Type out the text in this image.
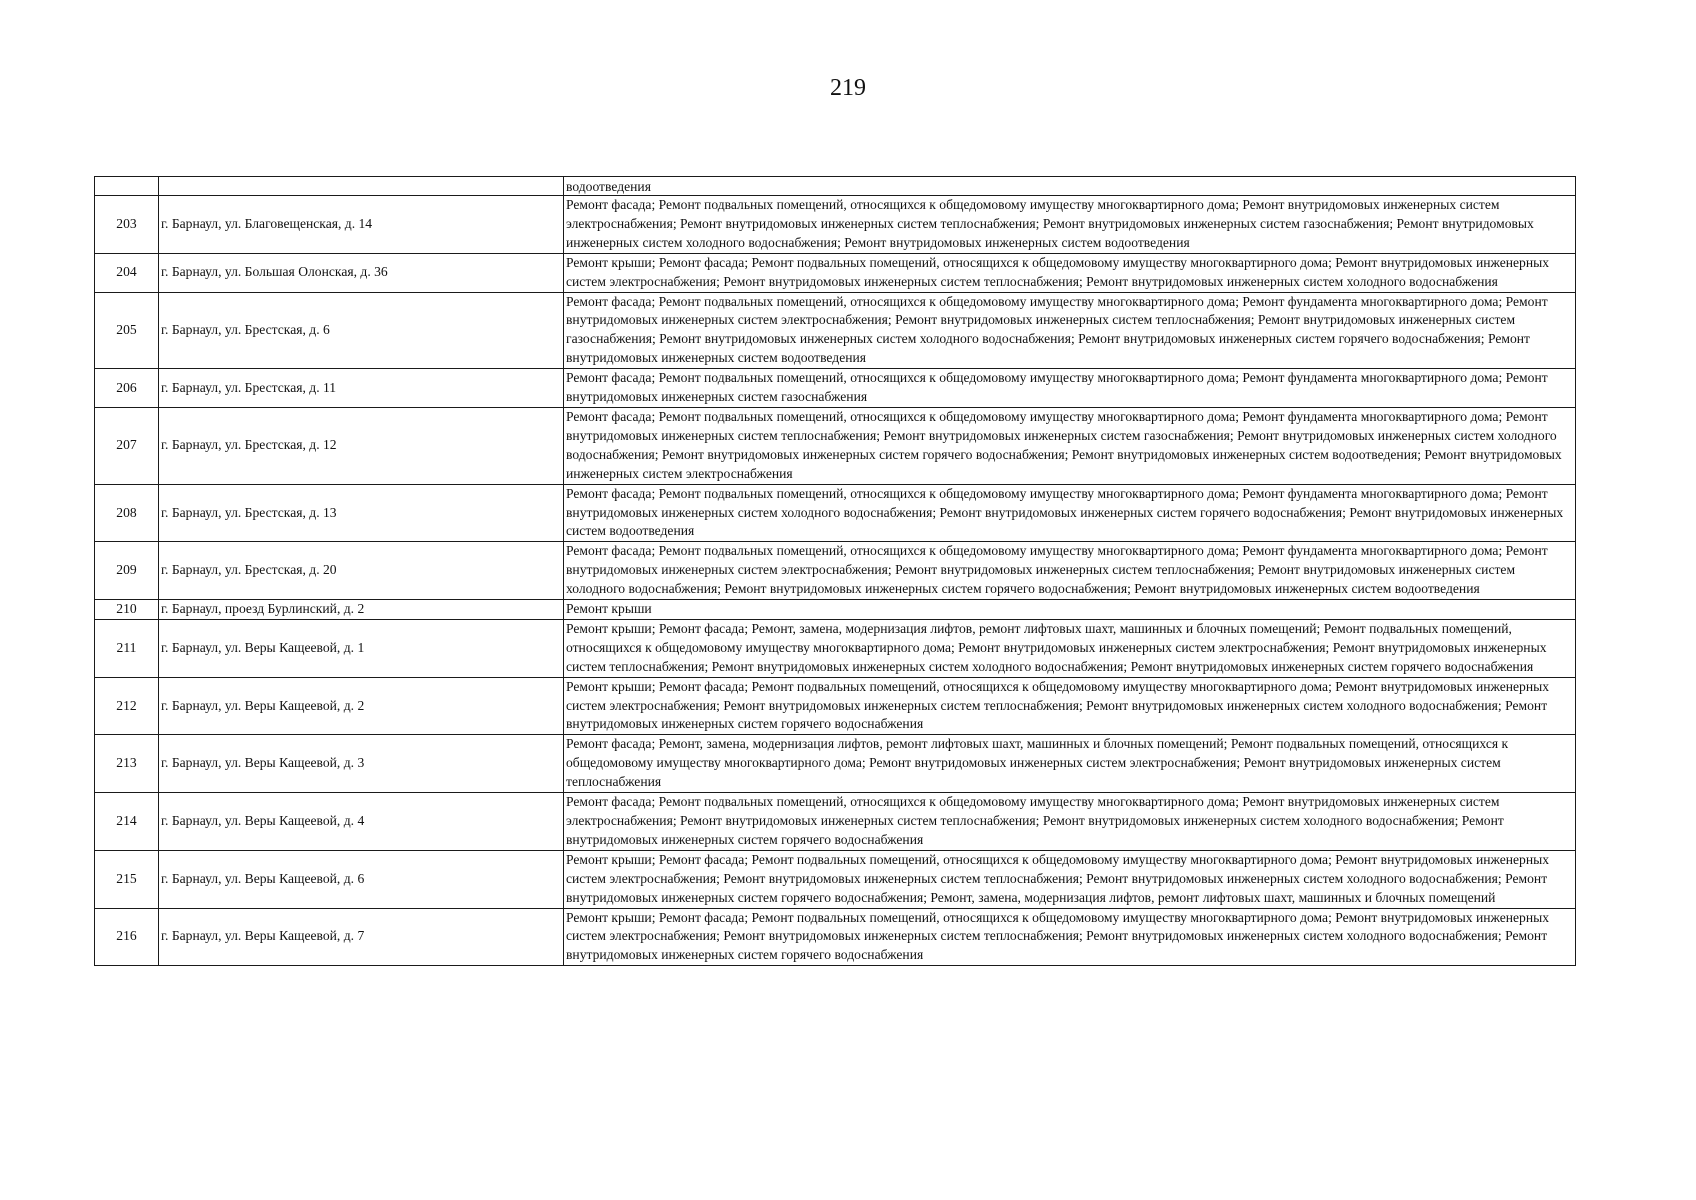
219
		водоотведения
203	г. Барнаул, ул. Благовещенская, д. 14	Ремонт фасада; Ремонт подвальных помещений, относящихся к общедомовому имуществу многоквартирного дома; Ремонт внутридомовых инженерных систем электроснабжения; Ремонт внутридомовых инженерных систем теплоснабжения; Ремонт внутридомовых инженерных систем газоснабжения; Ремонт внутридомовых инженерных систем холодного водоснабжения; Ремонт внутридомовых инженерных систем водоотведения
204	г. Барнаул, ул. Большая Олонская, д. 36	Ремонт крыши; Ремонт фасада; Ремонт подвальных помещений, относящихся к общедомовому имуществу многоквартирного дома; Ремонт внутридомовых инженерных систем электроснабжения; Ремонт внутридомовых инженерных систем теплоснабжения; Ремонт внутридомовых инженерных систем холодного водоснабжения
205	г. Барнаул, ул. Брестская, д. 6	Ремонт фасада; Ремонт подвальных помещений, относящихся к общедомовому имуществу многоквартирного дома; Ремонт фундамента многоквартирного дома; Ремонт внутридомовых инженерных систем электроснабжения; Ремонт внутридомовых инженерных систем теплоснабжения; Ремонт внутридомовых инженерных систем газоснабжения; Ремонт внутридомовых инженерных систем холодного водоснабжения; Ремонт внутридомовых инженерных систем горячего водоснабжения; Ремонт внутридомовых инженерных систем водоотведения
206	г. Барнаул, ул. Брестская, д. 11	Ремонт фасада; Ремонт подвальных помещений, относящихся к общедомовому имуществу многоквартирного дома; Ремонт фундамента многоквартирного дома; Ремонт внутридомовых инженерных систем газоснабжения
207	г. Барнаул, ул. Брестская, д. 12	Ремонт фасада; Ремонт подвальных помещений, относящихся к общедомовому имуществу многоквартирного дома; Ремонт фундамента многоквартирного дома; Ремонт внутридомовых инженерных систем теплоснабжения; Ремонт внутридомовых инженерных систем газоснабжения; Ремонт внутридомовых инженерных систем холодного водоснабжения; Ремонт внутридомовых инженерных систем горячего водоснабжения; Ремонт внутридомовых инженерных систем водоотведения; Ремонт внутридомовых инженерных систем электроснабжения
208	г. Барнаул, ул. Брестская, д. 13	Ремонт фасада; Ремонт подвальных помещений, относящихся к общедомовому имуществу многоквартирного дома; Ремонт фундамента многоквартирного дома; Ремонт внутридомовых инженерных систем холодного водоснабжения; Ремонт внутридомовых инженерных систем горячего водоснабжения; Ремонт внутридомовых инженерных систем водоотведения
209	г. Барнаул, ул. Брестская, д. 20	Ремонт фасада; Ремонт подвальных помещений, относящихся к общедомовому имуществу многоквартирного дома; Ремонт фундамента многоквартирного дома; Ремонт внутридомовых инженерных систем электроснабжения; Ремонт внутридомовых инженерных систем теплоснабжения; Ремонт внутридомовых инженерных систем холодного водоснабжения; Ремонт внутридомовых инженерных систем горячего водоснабжения; Ремонт внутридомовых инженерных систем водоотведения
210	г. Барнаул, проезд Бурлинский, д. 2	Ремонт крыши
211	г. Барнаул, ул. Веры Кащеевой, д. 1	Ремонт крыши; Ремонт фасада; Ремонт, замена, модернизация лифтов, ремонт лифтовых шахт, машинных и блочных помещений; Ремонт подвальных помещений, относящихся к общедомовому имуществу многоквартирного дома; Ремонт внутридомовых инженерных систем электроснабжения; Ремонт внутридомовых инженерных систем теплоснабжения; Ремонт внутридомовых инженерных систем холодного водоснабжения; Ремонт внутридомовых инженерных систем горячего водоснабжения
212	г. Барнаул, ул. Веры Кащеевой, д. 2	Ремонт крыши; Ремонт фасада; Ремонт подвальных помещений, относящихся к общедомовому имуществу многоквартирного дома; Ремонт внутридомовых инженерных систем электроснабжения; Ремонт внутридомовых инженерных систем теплоснабжения; Ремонт внутридомовых инженерных систем холодного водоснабжения; Ремонт внутридомовых инженерных систем горячего водоснабжения
213	г. Барнаул, ул. Веры Кащеевой, д. 3	Ремонт фасада; Ремонт, замена, модернизация лифтов, ремонт лифтовых шахт, машинных и блочных помещений; Ремонт подвальных помещений, относящихся к общедомовому имуществу многоквартирного дома; Ремонт внутридомовых инженерных систем электроснабжения; Ремонт внутридомовых инженерных систем теплоснабжения
214	г. Барнаул, ул. Веры Кащеевой, д. 4	Ремонт фасада; Ремонт подвальных помещений, относящихся к общедомовому имуществу многоквартирного дома; Ремонт внутридомовых инженерных систем электроснабжения; Ремонт внутридомовых инженерных систем теплоснабжения; Ремонт внутридомовых инженерных систем холодного водоснабжения; Ремонт внутридомовых инженерных систем горячего водоснабжения
215	г. Барнаул, ул. Веры Кащеевой, д. 6	Ремонт крыши; Ремонт фасада; Ремонт подвальных помещений, относящихся к общедомовому имуществу многоквартирного дома; Ремонт внутридомовых инженерных систем электроснабжения; Ремонт внутридомовых инженерных систем теплоснабжения; Ремонт внутридомовых инженерных систем холодного водоснабжения; Ремонт внутридомовых инженерных систем горячего водоснабжения; Ремонт, замена, модернизация лифтов, ремонт лифтовых шахт, машинных и блочных помещений
216	г. Барнаул, ул. Веры Кащеевой, д. 7	Ремонт крыши; Ремонт фасада; Ремонт подвальных помещений, относящихся к общедомовому имуществу многоквартирного дома; Ремонт внутридомовых инженерных систем электроснабжения; Ремонт внутридомовых инженерных систем теплоснабжения; Ремонт внутридомовых инженерных систем холодного водоснабжения; Ремонт внутридомовых инженерных систем горячего водоснабжения
